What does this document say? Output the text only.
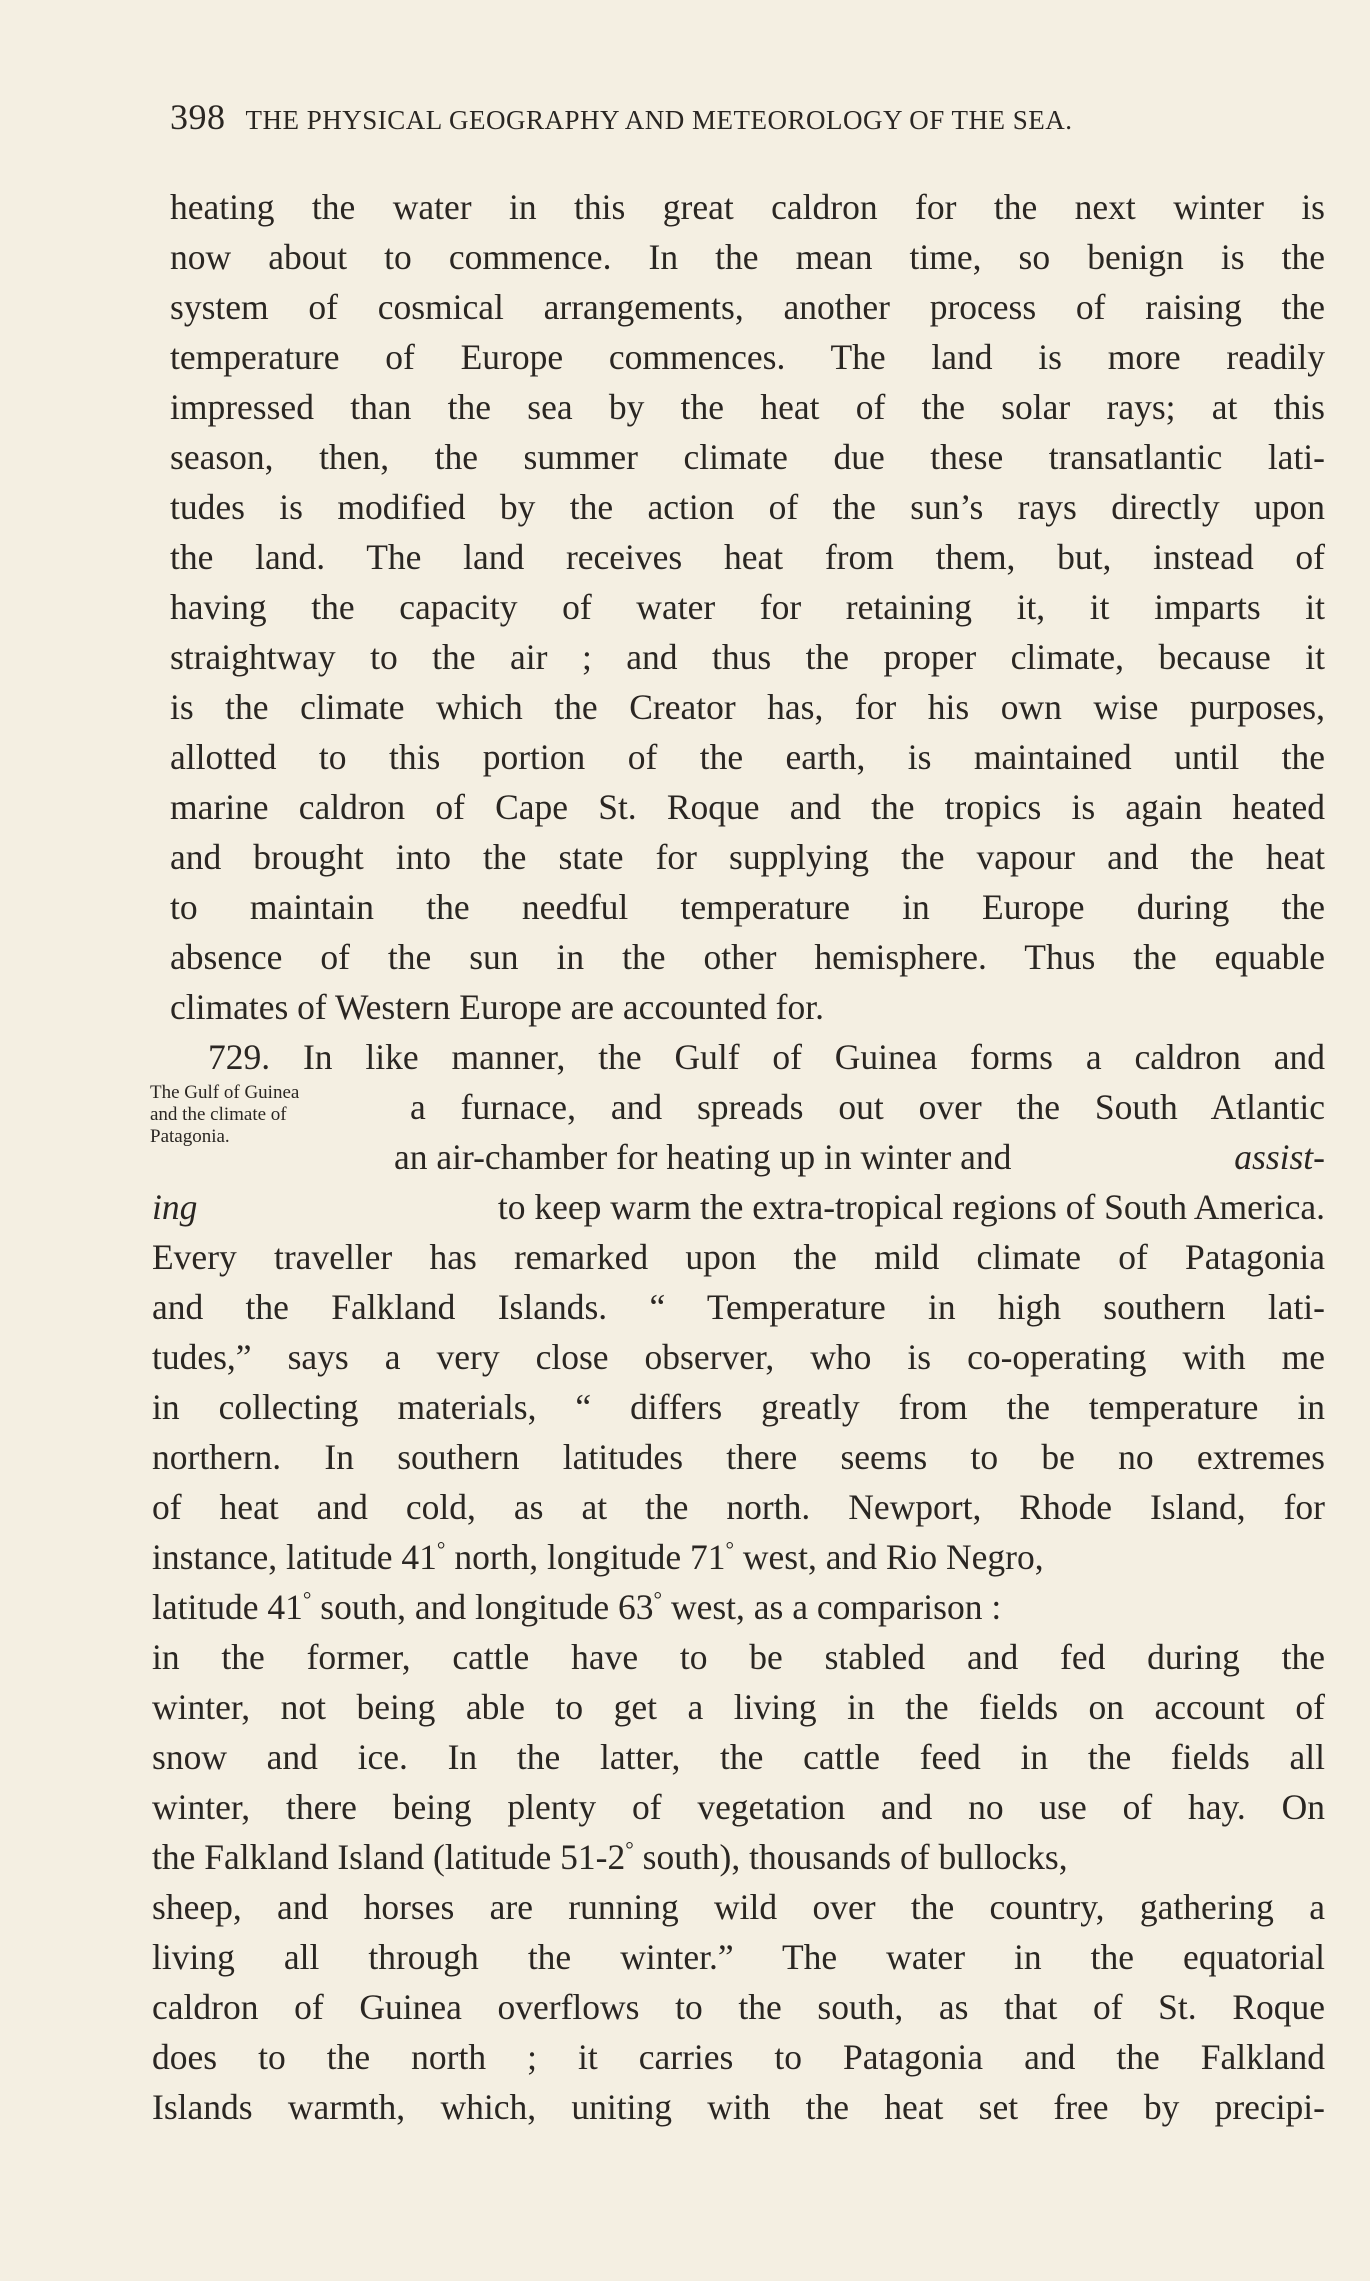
398 THE PHYSICAL GEOGRAPHY AND METEOROLOGY OF THE SEA.
heating the water in this great caldron for the next winter is
now about to commence. In the mean time, so benign is the
system of cosmical arrangements, another process of raising the
temperature of Europe commences. The land is more readily
impressed than the sea by the heat of the solar rays; at this
season, then, the summer climate due these transatlantic lati-
tudes is modified by the action of the sun’s rays directly upon
the land. The land receives heat from them, but, instead of
having the capacity of water for retaining it, it imparts it
straightway to the air ; and thus the proper climate, because it
is the climate which the Creator has, for his own wise purposes,
allotted to this portion of the earth, is maintained until the
marine caldron of Cape St. Roque and the tropics is again heated
and brought into the state for supplying the vapour and the heat
to maintain the needful temperature in Europe during the
absence of the sun in the other hemisphere. Thus the equable
climates of Western Europe are accounted for.
729. In like manner, the Gulf of Guinea forms a caldron and
The Gulf of Guinea
and the climate of
Patagonia.
a furnace, and spreads out over the South Atlantic
an air-chamber for heating up in winter and	assist-
ing	to keep warm the extra-tropical regions of South America.
Every traveller has remarked upon the mild climate of Patagonia
and the Falkland Islands. “ Temperature in high southern lati-
tudes,” says a very close observer, who is co-operating with me
in collecting materials, “ differs greatly from the temperature in
northern. In southern latitudes there seems to be no extremes
of heat and cold, as at the north. Newport, Rhode Island, for
instance, latitude 41° north, longitude 71° west, and Rio Negro,
latitude 41° south, and longitude 63° west, as a comparison :
in the former, cattle have to be stabled and fed during the
winter, not being able to get a living in the fields on account of
snow and ice. In the latter, the cattle feed in the fields all
winter, there being plenty of vegetation and no use of hay. On
the Falkland Island (latitude 51-2° south), thousands of bullocks,
sheep, and horses are running wild over the country, gathering a
living all through the winter.” The water in the equatorial
caldron of Guinea overflows to the south, as that of St. Roque
does to the north ; it carries to Patagonia and the Falkland
Islands warmth, which, uniting with the heat set free by precipi-
